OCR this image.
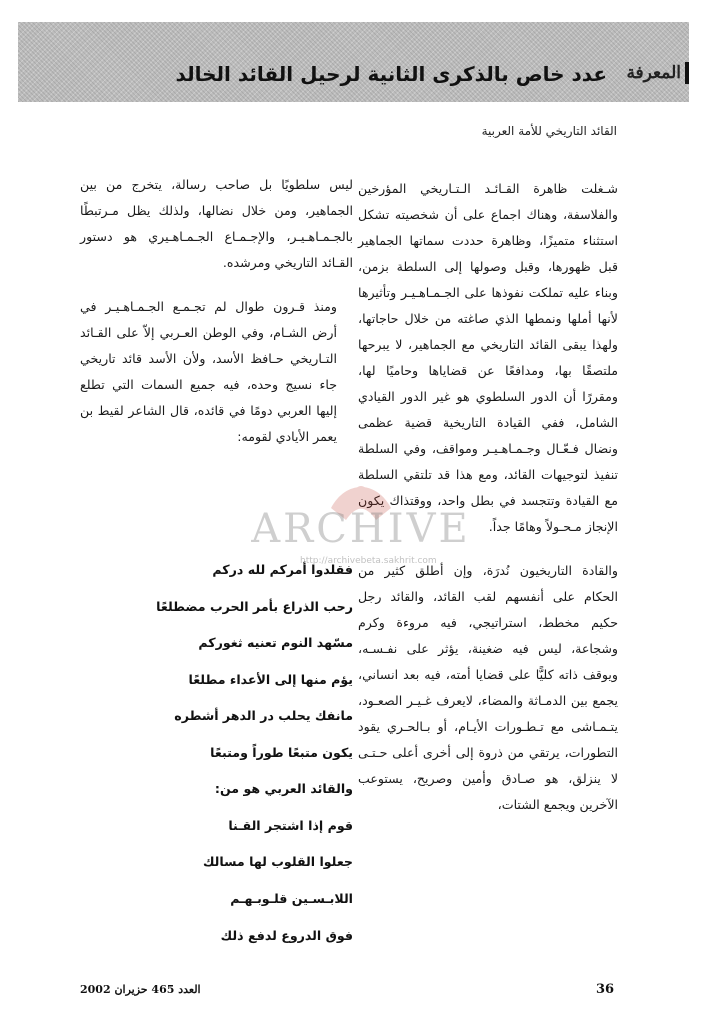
المعرفة
عدد خاص بالذكرى الثانية لرحيل القائد الخالد
القائد التاريخي للأمة العربية

شـغلت ظاهرة القـائـد الـتـاريخي المؤرخين والفلاسفة، وهناك اجماع على أن شخصيته تشكل استثناء متميزًا، وظاهرة حددت سماتها الجماهير قبل ظهورها، وقبل وصولها إلى السلطة بزمن، وبناء عليه تملكت نفوذها على الجـمـاهـيـر وتأثيرها لأنها أملها ونمطها الذي صاغته من خلال حاجاتها، ولهذا يبقى القائد التاريخي مع الجماهير، لا يبرحها ملتصقًا بها، ومدافعًا عن قضاياها وحاميًا لها، ومقررًا أن الدور السلطوي هو غير الدور القيادي الشامل، ففي القيادة التاريخية قضية عظمى ونضال فـعّـال وجـمـاهـيـر ومواقف، وفي السلطة تنفيذ لتوجيهات القائد، ومع هذا قد تلتقي السلطة مع القيادة وتتجسد في بطل واحد، ووقتذاك يكون الإنجاز مـحـولاً وهامًا جداً.

والقادة التاريخيون نُدرَة، وإن أطلق كثير من الحكام على أنفسهم لقب القائد، والقائد رجل حكيم مخطط، استراتيجي، فيه مروءة وكرم وشجاعة، ليس فيه ضغينة، يؤثر على نفـسـه، ويوقف ذاته كليًّا على قضايا أمته، فيه بعد انساني، يجمع بين الدمـاثة والمضاء، لايعرف غـيـر الصعـود، يتـمـاشى مع تـطـورات الأيـام، أو بـالحـري يقود التطورات، يرتقي من ذروة إلى أخرى أعلى حـتـى لا ينزلق، هو صـادق وأمين وصريح، يستوعب الآخرين ويجمع الشتات،

ليس سلطويًا بل صاحب رسالة، يتخرج من بين الجماهير، ومن خلال نضالها، ولذلك يظل مـرتبطًا بالجـمـاهـيـر، والإجـمـاع الجـمـاهـيري هو دستور القـائد التاريخي ومرشده.

ومنذ قـرون طوال لم تجـمـع الجـمـاهـيـر في أرض الشـام، وفي الوطن العـربي إلاّ على القـائد التـاريخي حـافظ الأسد، ولأن الأسد قائد تاريخي جاء نسيج وحده، فيه جميع السمات التي تطلع إليها العربي دومًا في قائده، قال الشاعر لقيط بن يعمر الأيادي لقومه:

فقلدوا أمركم لله دركم
رحب الذراع بأمر الحرب مضطلعًا
مسّهد النوم تعنيه ثغوركم
يؤم منها إلى الأعداء مطلعًا
مانفك يحلب در الدهر أشطره
يكون متبعًا طوراً ومتبعًا
والقائد العربي هو من:
قوم إذا اشتجر القـنا
جعلوا القلوب لها مسالك
اللابـسـين قلـوبـهـم
فوق الدروع لدفع ذلك
ARCHIVE
http://archivebeta.sakhrit.com
36
العدد 465 حزيران 2002
